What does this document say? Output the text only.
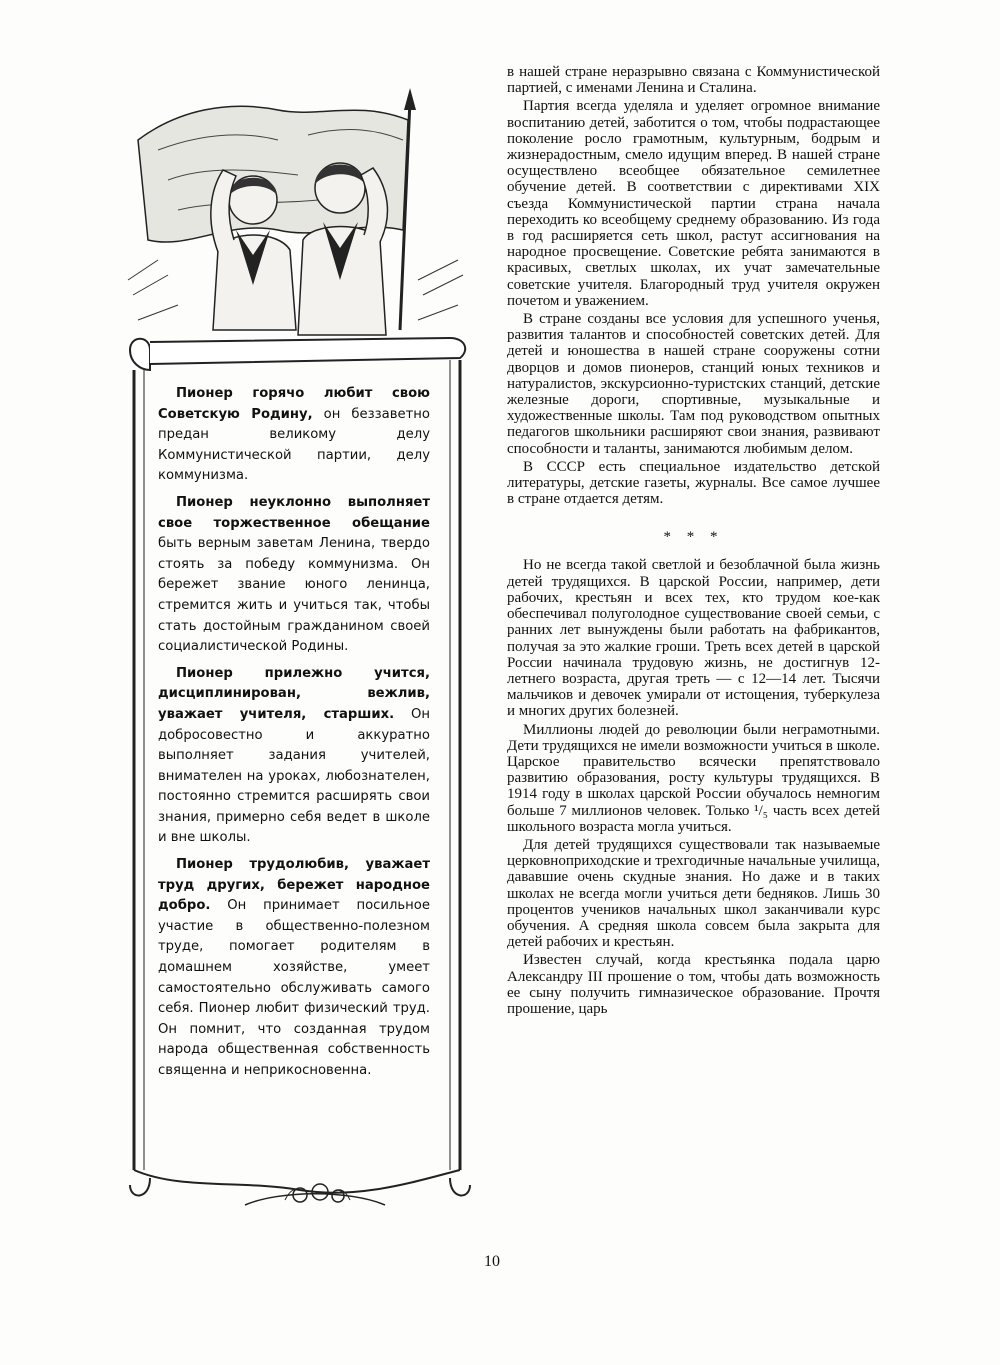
Пионер горячо любит свою Советскую Родину, он беззаветно предан великому делу Коммунистической партии, делу коммунизма.

Пионер неуклонно выполняет свое торжественное обещание быть верным заветам Ленина, твердо стоять за победу коммунизма. Он бережет звание юного ленинца, стремится жить и учиться так, чтобы стать достойным гражданином своей социалистической Родины.

Пионер прилежно учится, дисциплинирован, вежлив, уважает учителя, старших. Он добросовестно и аккуратно выполняет задания учителей, внимателен на уроках, любознателен, постоянно стремится расширять свои знания, примерно себя ведет в школе и вне школы.

Пионер трудолюбив, уважает труд других, бережет народное добро. Он принимает посильное участие в общественно-полезном труде, помогает родителям в домашнем хозяйстве, умеет самостоятельно обслуживать самого себя. Пионер любит физический труд. Он помнит, что созданная трудом народа общественная собственность священна и неприкосновенна.

в нашей стране неразрывно связана с Коммунистической партией, с именами Ленина и Сталина.

Партия всегда уделяла и уделяет огромное внимание воспитанию детей, заботится о том, чтобы подрастающее поколение росло грамотным, культурным, бодрым и жизнерадостным, смело идущим вперед. В нашей стране осуществлено всеобщее обязательное семилетнее обучение детей. В соответствии с директивами XIX съезда Коммунистической партии страна начала переходить ко всеобщему среднему образованию. Из года в год расширяется сеть школ, растут ассигнования на народное просвещение. Советские ребята занимаются в красивых, светлых школах, их учат замечательные советские учителя. Благородный труд учителя окружен почетом и уважением.

В стране созданы все условия для успешного ученья, развития талантов и способностей советских детей. Для детей и юношества в нашей стране сооружены сотни дворцов и домов пионеров, станций юных техников и натуралистов, экскурсионно-туристских станций, детские железные дороги, спортивные, музыкальные и художественные школы. Там под руководством опытных педагогов школьники расширяют свои знания, развивают способности и таланты, занимаются любимым делом.

В СССР есть специальное издательство детской литературы, детские газеты, журналы. Все самое лучшее в стране отдается детям.

* * *

Но не всегда такой светлой и безоблачной была жизнь детей трудящихся. В царской России, например, дети рабочих, крестьян и всех тех, кто трудом кое-как обеспечивал полуголодное существование своей семьи, с ранних лет вынуждены были работать на фабрикантов, получая за это жалкие гроши. Треть всех детей в царской России начинала трудовую жизнь, не достигнув 12-летнего возраста, другая треть — с 12—14 лет. Тысячи мальчиков и девочек умирали от истощения, туберкулеза и многих других болезней.

Миллионы людей до революции были неграмотными. Дети трудящихся не имели возможности учиться в школе. Царское правительство всячески препятствовало развитию образования, росту культуры трудящихся. В 1914 году в школах царской России обучалось немногим больше 7 миллионов человек. Только ¹/₅ часть всех детей школьного возраста могла учиться.

Для детей трудящихся существовали так называемые церковноприходские и трехгодичные начальные училища, дававшие очень скудные знания. Но даже и в таких школах не всегда могли учиться дети бедняков. Лишь 30 процентов учеников начальных школ заканчивали курс обучения. А средняя школа совсем была закрыта для детей рабочих и крестьян.

Известен случай, когда крестьянка подала царю Александру III прошение о том, чтобы дать возможность ее сыну получить гимназическое образование. Прочтя прошение, царь

10
